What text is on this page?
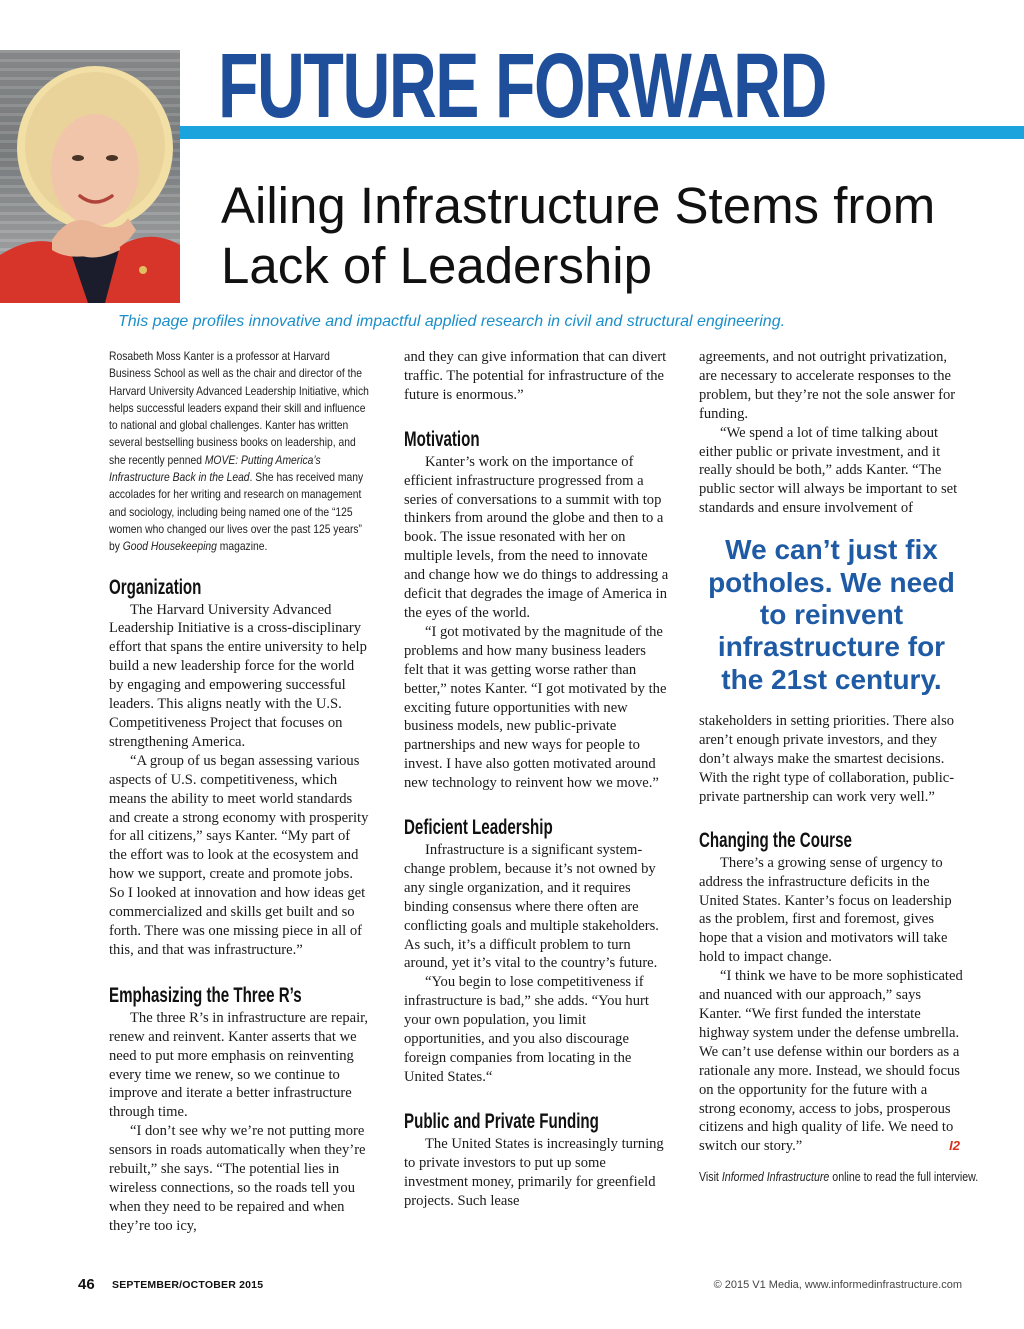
FUTURE FORWARD
Ailing Infrastructure Stems from
Lack of Leadership
This page profiles innovative and impactful applied research in civil and structural engineering.
Rosabeth Moss Kanter is a professor at Harvard Business School as well as the chair and director of the Harvard University Advanced Leadership Initiative, which helps successful leaders expand their skill and influence to national and global challenges. Kanter has written several bestselling business books on leadership, and she recently penned MOVE: Putting America’s Infrastructure Back in the Lead. She has received many accolades for her writing and research on management and sociology, including being named one of the “125 women who changed our lives over the past 125 years” by Good Housekeeping magazine.
Organization

The Harvard University Advanced Leadership Initiative is a cross-disciplinary effort that spans the entire university to help build a new leadership force for the world by engaging and empowering successful leaders. This aligns neatly with the U.S. Competitiveness Project that focuses on strengthening America.

“A group of us began assessing various aspects of U.S. competitiveness, which means the ability to meet world standards and create a strong economy with prosperity for all citizens,” says Kanter. “My part of the effort was to look at the ecosystem and how we support, create and promote jobs. So I looked at innovation and how ideas get commercialized and skills get built and so forth. There was one missing piece in all of this, and that was infrastructure.”

Emphasizing the Three R’s

The three R’s in infrastructure are repair, renew and reinvent. Kanter asserts that we need to put more emphasis on reinventing every time we renew, so we continue to improve and iterate a better infrastructure through time.

“I don’t see why we’re not putting more sensors in roads automatically when they’re rebuilt,” she says. “The potential lies in wireless connections, so the roads tell you when they need to be repaired and when they’re too icy,

and they can give information that can divert traffic. The potential for infrastructure of the future is enormous.”

Motivation

Kanter’s work on the importance of efficient infrastructure progressed from a series of conversations to a summit with top thinkers from around the globe and then to a book. The issue resonated with her on multiple levels, from the need to innovate and change how we do things to addressing a deficit that degrades the image of America in the eyes of the world.

“I got motivated by the magnitude of the problems and how many business leaders felt that it was getting worse rather than better,” notes Kanter. “I got motivated by the exciting future opportunities with new business models, new public-private partnerships and new ways for people to invest. I have also gotten motivated around new technology to reinvent how we move.”

Deficient Leadership

Infrastructure is a significant system-change problem, because it’s not owned by any single organization, and it requires binding consensus where there often are conflicting goals and multiple stakeholders. As such, it’s a difficult problem to turn around, yet it’s vital to the country’s future.

“You begin to lose competitiveness if infrastructure is bad,” she adds. “You hurt your own population, you limit opportunities, and you also discourage foreign companies from locating in the United States.“

Public and Private Funding

The United States is increasingly turning to private investors to put up some investment money, primarily for greenfield projects. Such lease

agreements, and not outright privatization, are necessary to accelerate responses to the problem, but they’re not the sole answer for funding.

“We spend a lot of time talking about either public or private investment, and it really should be both,” adds Kanter. “The public sector will always be important to set standards and ensure involvement of

We can’t just fix potholes. We need to reinvent infrastructure for the 21st century.

stakeholders in setting priorities. There also aren’t enough private investors, and they don’t always make the smartest decisions. With the right type of collaboration, public-private partnership can work very well.”

Changing the Course

There’s a growing sense of urgency to address the infrastructure deficits in the United States. Kanter’s focus on leadership as the problem, first and foremost, gives hope that a vision and motivators will take hold to impact change.

“I think we have to be more sophisticated and nuanced with our approach,” says Kanter. “We first funded the interstate highway system under the defense umbrella. We can’t use defense within our borders as a rationale any more. Instead, we should focus on the opportunity for the future with a strong economy, access to jobs, prosperous citizens and high quality of life. We need to switch our story.”	I2

Visit Informed Infrastructure online to read the full interview.
46 SEPTEMBER/OCTOBER 2015	© 2015 V1 Media, www.informedinfrastructure.com
